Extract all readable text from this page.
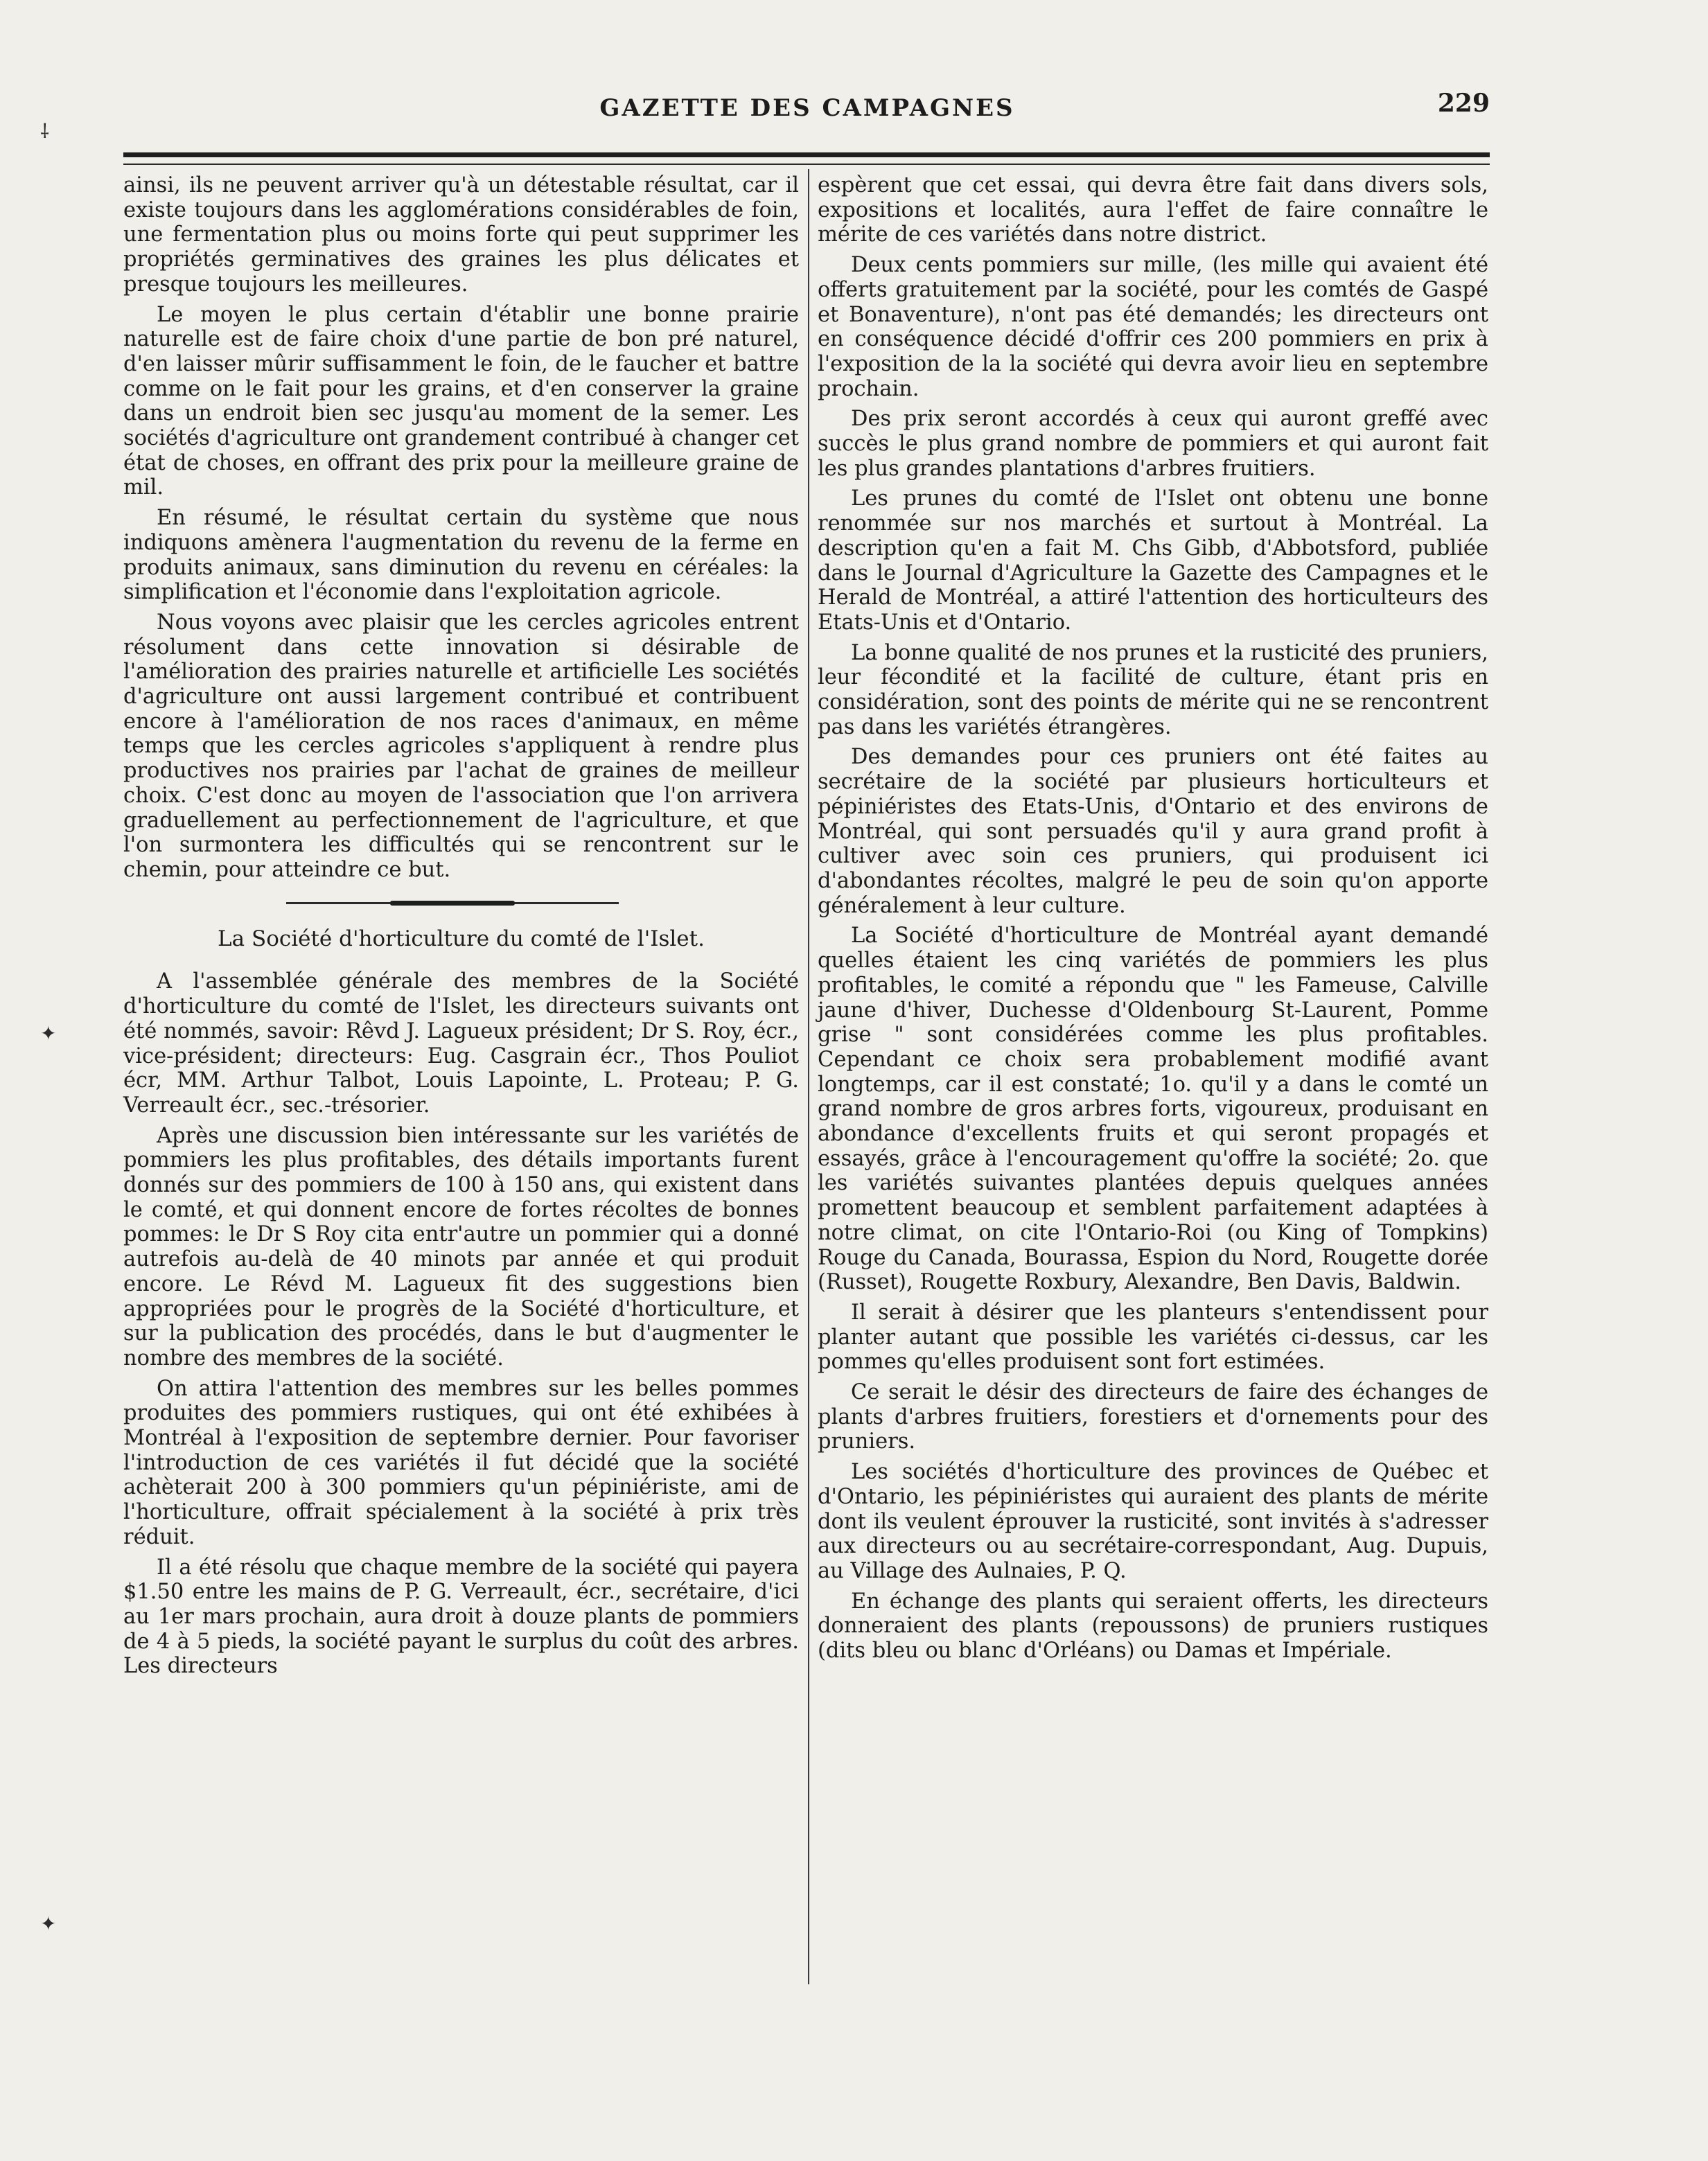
GAZETTE DES CAMPAGNES	229
⸸
✦
✦

ainsi, ils ne peuvent arriver qu'à un détestable résultat, car il existe toujours dans les agglomérations considérables de foin, une fermentation plus ou moins forte qui peut supprimer les propriétés germinatives des graines les plus délicates et presque toujours les meilleures.

Le moyen le plus certain d'établir une bonne prairie naturelle est de faire choix d'une partie de bon pré naturel, d'en laisser mûrir suffisamment le foin, de le faucher et battre comme on le fait pour les grains, et d'en conserver la graine dans un endroit bien sec jusqu'au moment de la semer. Les sociétés d'agriculture ont grandement contribué à changer cet état de choses, en offrant des prix pour la meilleure graine de mil.

En résumé, le résultat certain du système que nous indiquons amènera l'augmentation du revenu de la ferme en produits animaux, sans diminution du revenu en céréales: la simplification et l'économie dans l'exploitation agricole.

Nous voyons avec plaisir que les cercles agricoles entrent résolument dans cette innovation si désirable de l'amélioration des prairies naturelle et artificielle Les sociétés d'agriculture ont aussi largement contribué et contribuent encore à l'amélioration de nos races d'animaux, en même temps que les cercles agricoles s'appliquent à rendre plus productives nos prairies par l'achat de graines de meilleur choix. C'est donc au moyen de l'association que l'on arrivera graduellement au perfectionnement de l'agriculture, et que l'on surmontera les difficultés qui se rencontrent sur le chemin, pour atteindre ce but.

La Société d'horticulture du comté de l'Islet.

A l'assemblée générale des membres de la Société d'horticulture du comté de l'Islet, les directeurs suivants ont été nommés, savoir: Rêvd J. Lagueux président; Dr S. Roy, écr., vice-président; directeurs: Eug. Casgrain écr., Thos Pouliot écr, MM. Arthur Talbot, Louis Lapointe, L. Proteau; P. G. Verreault écr., sec.-trésorier.

Après une discussion bien intéressante sur les variétés de pommiers les plus profitables, des détails importants furent donnés sur des pommiers de 100 à 150 ans, qui existent dans le comté, et qui donnent encore de fortes récoltes de bonnes pommes: le Dr S Roy cita entr'autre un pommier qui a donné autrefois au-delà de 40 minots par année et qui produit encore. Le Révd M. Lagueux fit des suggestions bien appropriées pour le progrès de la Société d'horticulture, et sur la publication des procédés, dans le but d'augmenter le nombre des membres de la société.

On attira l'attention des membres sur les belles pommes produites des pommiers rustiques, qui ont été exhibées à Montréal à l'exposition de septembre dernier. Pour favoriser l'introduction de ces variétés il fut décidé que la société achèterait 200 à 300 pommiers qu'un pépiniériste, ami de l'horticulture, offrait spécialement à la société à prix très réduit.

Il a été résolu que chaque membre de la société qui payera $1.50 entre les mains de P. G. Verreault, écr., secrétaire, d'ici au 1er mars prochain, aura droit à douze plants de pommiers de 4 à 5 pieds, la société payant le surplus du coût des arbres. Les directeurs

espèrent que cet essai, qui devra être fait dans divers sols, expositions et localités, aura l'effet de faire connaître le mérite de ces variétés dans notre district.

Deux cents pommiers sur mille, (les mille qui avaient été offerts gratuitement par la société, pour les comtés de Gaspé et Bonaventure), n'ont pas été demandés; les directeurs ont en conséquence décidé d'offrir ces 200 pommiers en prix à l'exposition de la la société qui devra avoir lieu en septembre prochain.

Des prix seront accordés à ceux qui auront greffé avec succès le plus grand nombre de pommiers et qui auront fait les plus grandes plantations d'arbres fruitiers.

Les prunes du comté de l'Islet ont obtenu une bonne renommée sur nos marchés et surtout à Montréal. La description qu'en a fait M. Chs Gibb, d'Abbotsford, publiée dans le Journal d'Agriculture la Gazette des Campagnes et le Herald de Montréal, a attiré l'attention des horticulteurs des Etats-Unis et d'Ontario.

La bonne qualité de nos prunes et la rusticité des pruniers, leur fécondité et la facilité de culture, étant pris en considération, sont des points de mérite qui ne se rencontrent pas dans les variétés étrangères.

Des demandes pour ces pruniers ont été faites au secrétaire de la société par plusieurs horticulteurs et pépiniéristes des Etats-Unis, d'Ontario et des environs de Montréal, qui sont persuadés qu'il y aura grand profit à cultiver avec soin ces pruniers, qui produisent ici d'abondantes récoltes, malgré le peu de soin qu'on apporte généralement à leur culture.

La Société d'horticulture de Montréal ayant demandé quelles étaient les cinq variétés de pommiers les plus profitables, le comité a répondu que " les Fameuse, Calville jaune d'hiver, Duchesse d'Oldenbourg St-Laurent, Pomme grise " sont considérées comme les plus profitables. Cependant ce choix sera probablement modifié avant longtemps, car il est constaté; 1o. qu'il y a dans le comté un grand nombre de gros arbres forts, vigoureux, produisant en abondance d'excellents fruits et qui seront propagés et essayés, grâce à l'encouragement qu'offre la société; 2o. que les variétés suivantes plantées depuis quelques années promettent beaucoup et semblent parfaitement adaptées à notre climat, on cite l'Ontario-Roi (ou King of Tompkins) Rouge du Canada, Bourassa, Espion du Nord, Rougette dorée (Russet), Rougette Roxbury, Alexandre, Ben Davis, Baldwin.

Il serait à désirer que les planteurs s'entendissent pour planter autant que possible les variétés ci-dessus, car les pommes qu'elles produisent sont fort estimées.

Ce serait le désir des directeurs de faire des échanges de plants d'arbres fruitiers, forestiers et d'ornements pour des pruniers.

Les sociétés d'horticulture des provinces de Québec et d'Ontario, les pépiniéristes qui auraient des plants de mérite dont ils veulent éprouver la rusticité, sont invités à s'adresser aux directeurs ou au secrétaire-correspondant, Aug. Dupuis, au Village des Aulnaies, P. Q.

En échange des plants qui seraient offerts, les directeurs donneraient des plants (repoussons) de pruniers rustiques (dits bleu ou blanc d'Orléans) ou Damas et Impériale.
